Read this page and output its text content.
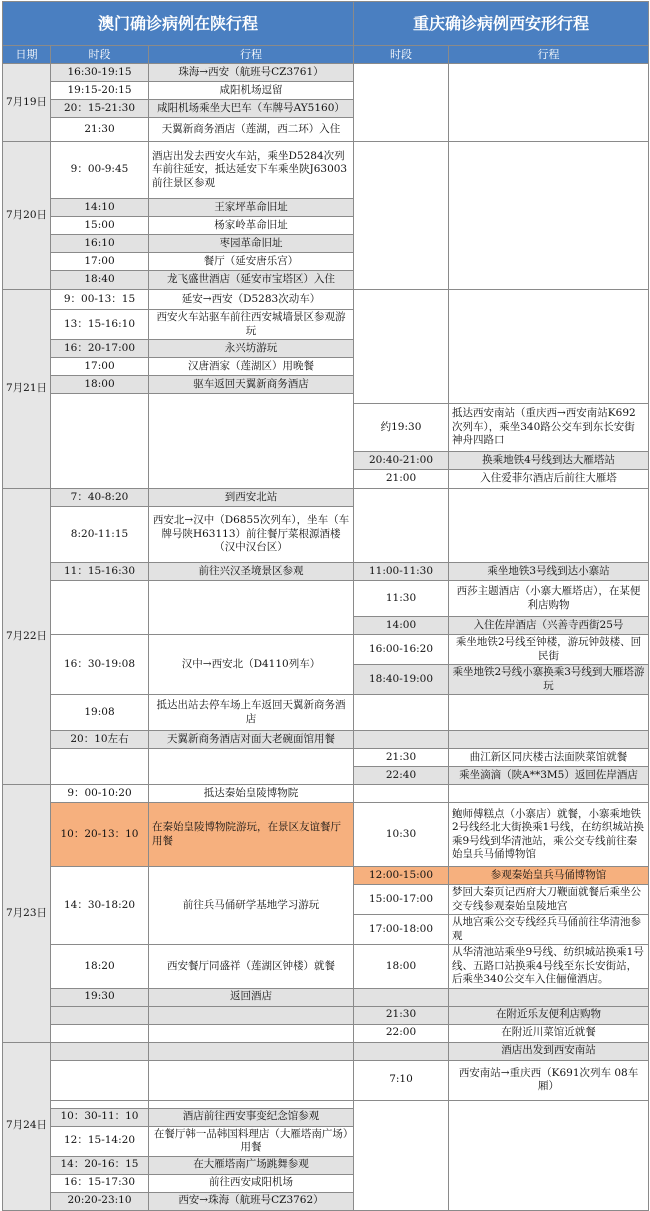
澳门确诊病例在陕行程			重庆确诊病例西安形行程	
日期	时段	行程	时段	行程
7月19日	16:30-19:15	珠海→西安（航班号CZ3761）		
	19:15-20:15	咸阳机场逗留		
	20：15-21:30	咸阳机场乘坐大巴车（车牌号AY5160）		
	21:30	天翼新商务酒店（莲湖，西二环）入住		
7月20日	9：00-9:45	酒店出发去西安火车站，乘坐D5284次列车前往延安，抵达延安下车乘坐陕J63003前往景区参观		
	14:10	王家坪革命旧址		
	15:00	杨家岭革命旧址		
	16:10	枣园革命旧址		
	17:00	餐厅（延安唐乐宫）		
	18:40	龙飞盛世酒店（延安市宝塔区）入住		
7月21日	9：00-13：15	延安→西安（D5283次动车）		
	13：15-16:10	西安火车站驱车前往西安城墙景区参观游玩		
	16：20-17:00	永兴坊游玩		
	17:00	汉唐酒家（莲湖区）用晚餐		
	18:00	驱车返回天翼新商务酒店		

			约19:30	抵达西安南站（重庆西→西安南站K692次列车），乘坐340路公交车到东长安街神舟四路口
			20:40-21:00	换乘地铁4号线到达大雁塔站
			21:00	入住爱菲尔酒店后前往大雁塔
7月22日	7：40-8:20	到西安北站		
	8:20-11:15	西安北→汉中（D6855次列车），坐车（车牌号陕H63113）前往餐厅菜根源酒楼（汉中汉台区）		
	11：15-16:30	前往兴汉圣境景区参观	11:00-11:30	乘坐地铁3号线到达小寨站
			11:30	西莎主题酒店（小寨大雁塔店），在某便利店购物
			14:00	入住佐岸酒店（兴善寺西街25号
	16：30-19:08	汉中→西安北（D4110列车）	16:00-16:20	乘坐地铁2号线至钟楼，游玩钟鼓楼、回民街
			18:40-19:00	乘坐地铁2号线小寨换乘3号线到大雁塔游玩
	19:08	抵达出站去停车场上车返回天翼新商务酒店		
	20：10左右	天翼新商务酒店对面大老碗面馆用餐		
			21:30	曲江新区同庆楼古法面陕菜馆就餐
			22:40	乘坐滴滴（陕A**3M5）返回佐岸酒店
7月23日	9：00-10:20	抵达秦始皇陵博物院		
	10：20-13：10	在秦始皇陵博物院游玩，在景区友谊餐厅用餐	10:30	鲍师傅糕点（小寨店）就餐，小寨乘地铁2号线经北大街换乘1号线，在纺织城站换乘9号线到华清池站，乘公交专线前往秦始皇兵马俑博物馆
	14：30-18:20	前往兵马俑研学基地学习游玩	12:00-15:00	参观秦始皇兵马俑博物馆
			15:00-17:00	梦回大秦页记西府大刀鞭面就餐后乘坐公交专线参观秦始皇陵地宫
			17:00-18:00	从地宫乘公交专线经兵马俑前往华清池参观
	18:20	西安餐厅同盛祥（莲湖区钟楼）就餐	18:00	从华清池站乘坐9号线、纺织城站换乘1号线、五路口站换乘4号线至东长安街站，后乘坐340公交车入住俪僮酒店。
	19:30	返回酒店		
			21:30	在附近乐友便利店购物
			22:00	在附近川菜馆近就餐
7月24日				酒店出发到西安南站
			7:10	西安南站→重庆西（K691次列车 08车厢）

	10：30-11：10	酒店前往西安事变纪念馆参观		
	12：15-14:20	在餐厅韩一品韩国料理店（大雁塔南广场）用餐		
	14：20-16：15	在大雁塔南广场跳舞参观		
	16：15-17:30	前往西安咸阳机场		
	20:20-23:10	西安→珠海（航班号CZ3762）		
